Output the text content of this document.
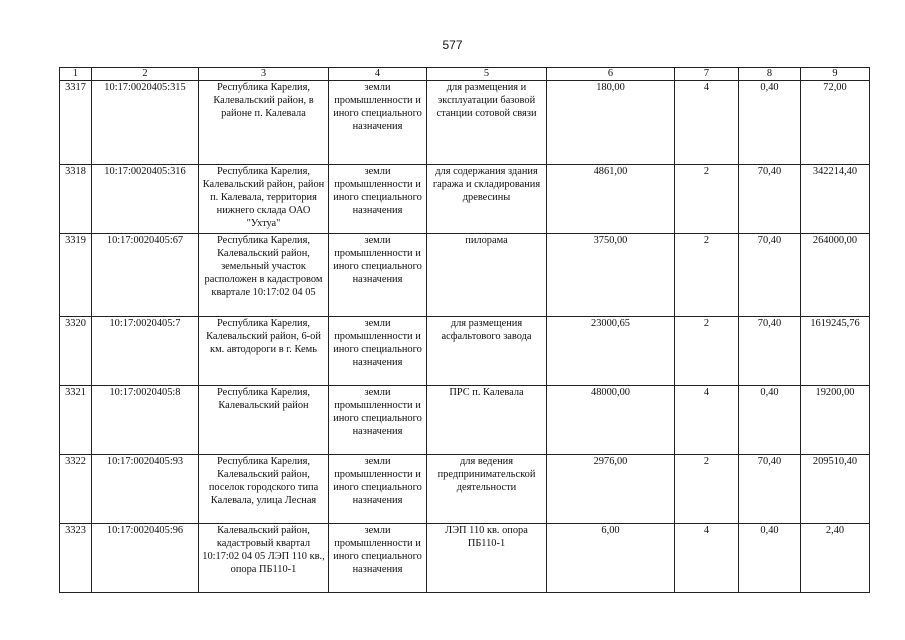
577
1	2	3	4	5	6	7	8	9
3317	10:17:0020405:315	Республика Карелия, Калевальский район, в районе п. Калевала	земли промышленности и иного специального назначения	для размещения и эксплуатации базовой станции сотовой связи	180,00	4	0,40	72,00
3318	10:17:0020405:316	Республика Карелия, Калевальский район, район п. Калевала, территория нижнего склада ОАО "Ухтуа"	земли промышленности и иного специального назначения	для содержания здания гаража и складирования древесины	4861,00	2	70,40	342214,40
3319	10:17:0020405:67	Республика Карелия, Калевальский район, земельный участок расположен в кадастровом квартале 10:17:02 04 05	земли промышленности и иного специального назначения	пилорама	3750,00	2	70,40	264000,00
3320	10:17:0020405:7	Республика Карелия, Калевальский район, 6-ой км. автодороги в г. Кемь	земли промышленности и иного специального назначения	для размещения асфальтового завода	23000,65	2	70,40	1619245,76
3321	10:17:0020405:8	Республика Карелия, Калевальский район	земли промышленности и иного специального назначения	ПРС п. Калевала	48000,00	4	0,40	19200,00
3322	10:17:0020405:93	Республика Карелия, Калевальский район, поселок городского типа Калевала, улица Лесная	земли промышленности и иного специального назначения	для ведения предпринимательской деятельности	2976,00	2	70,40	209510,40
3323	10:17:0020405:96	Калевальский район, кадастровый квартал 10:17:02 04 05 ЛЭП 110 кв., опора ПБ110-1	земли промышленности и иного специального назначения	ЛЭП 110 кв. опора ПБ110-1	6,00	4	0,40	2,40
